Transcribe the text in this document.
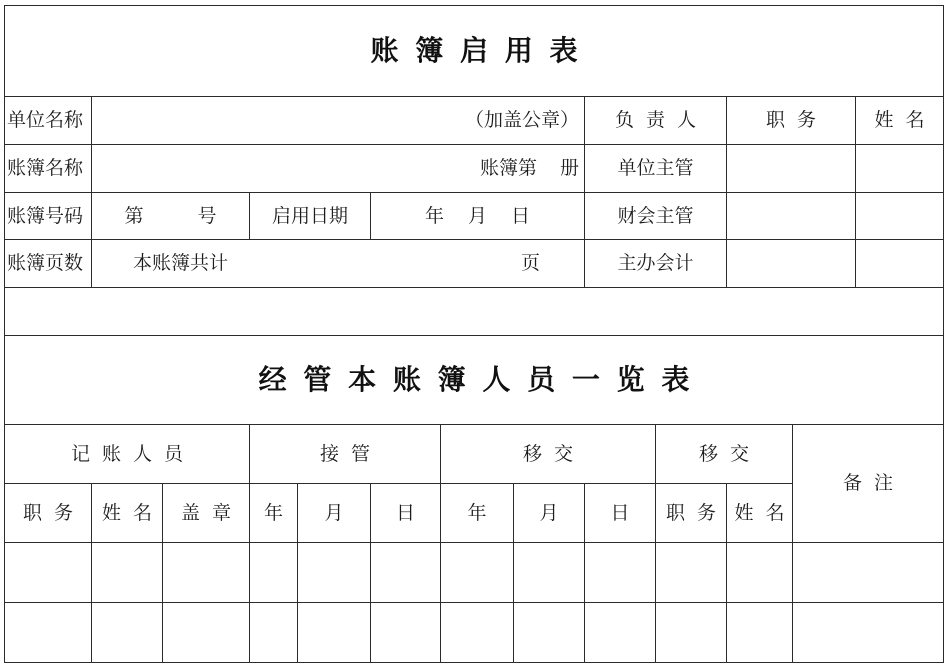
账 簿 启 用 表
单位名称	（加盖公章）	负 责 人	职 务	姓 名
账簿名称	账簿第 册	单位主管
账簿号码	第 号	启用日期	年 月 日	财会主管
账簿页数	本账簿共计	页	主办会计
经 管 本 账 簿 人 员 一 览 表
记 账 人 员	接 管	移 交	移 交
备 注
职 务	姓 名	盖 章	年	月	日	年	月	日	职 务 姓 名
